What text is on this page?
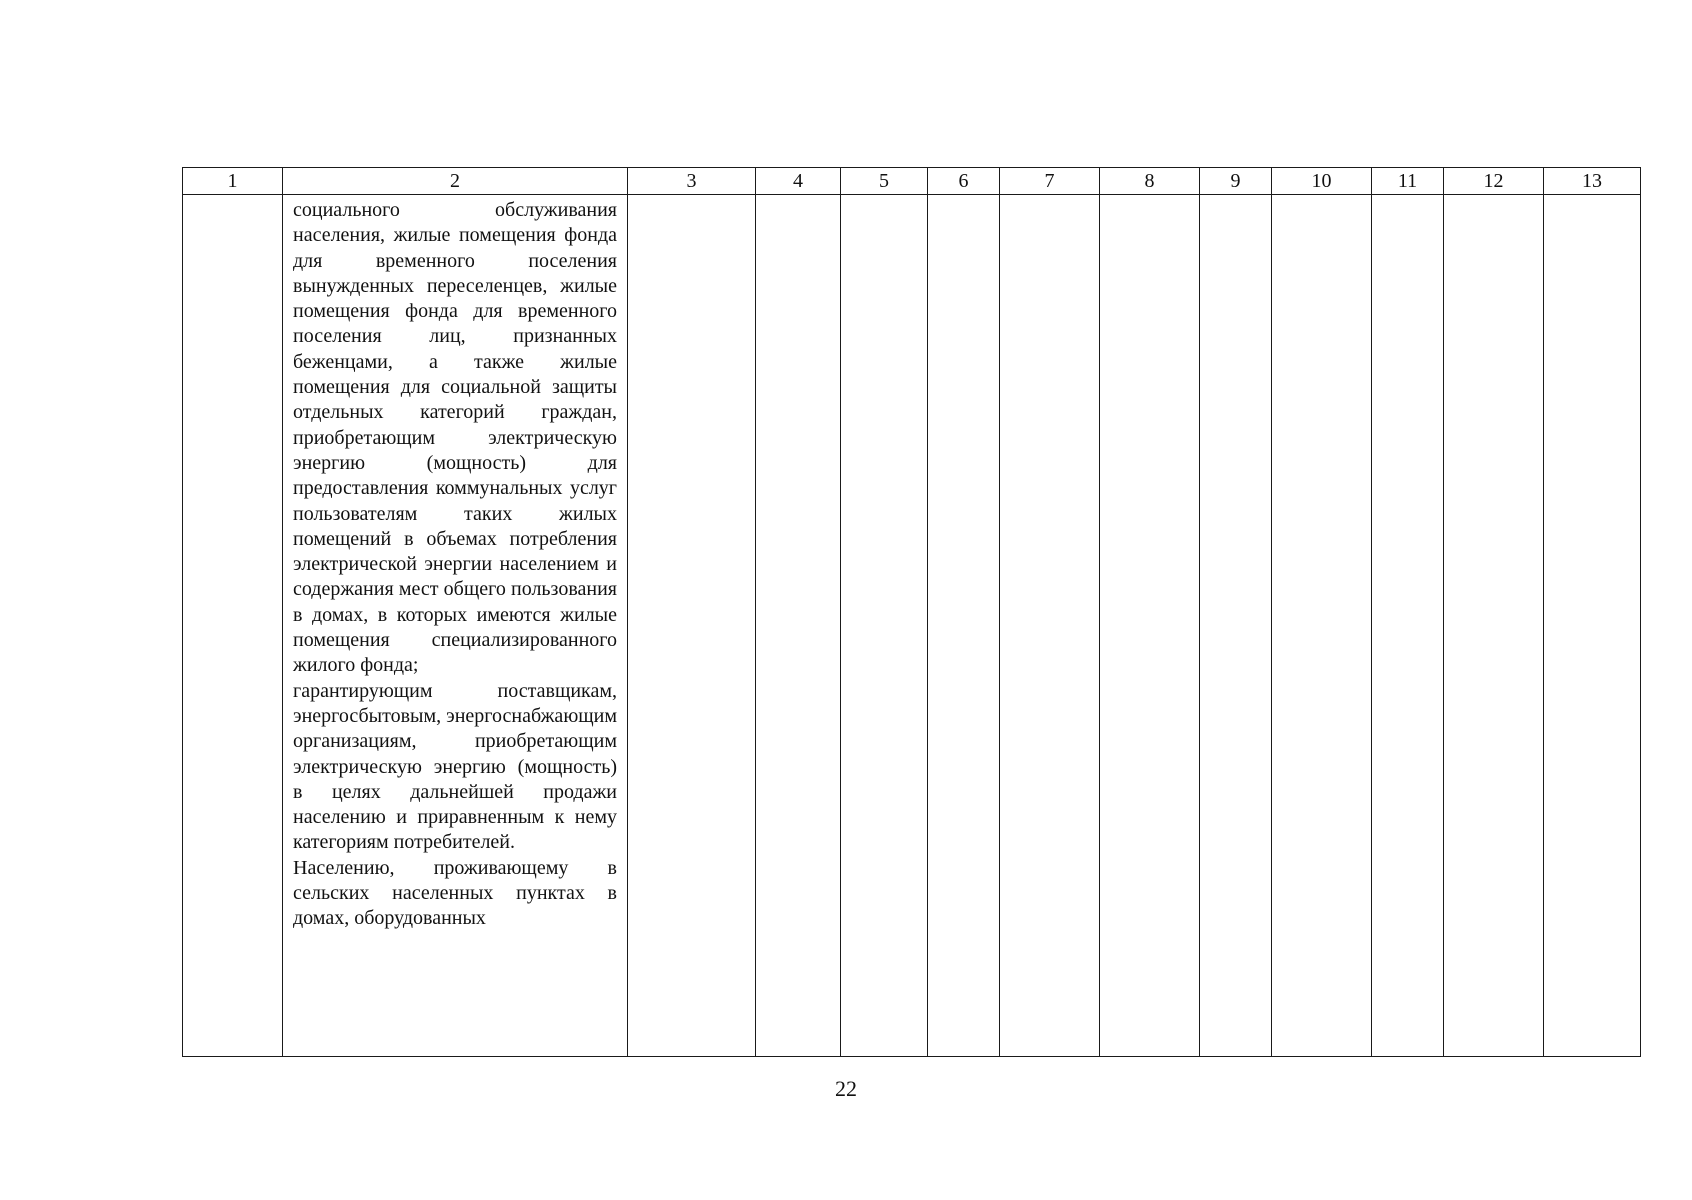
1	2	3	4	5	6	7	8	9	10	11	12	13

	социального обслуживания населения, жилые помещения фонда для временного поселения вынужденных переселенцев, жилые помещения фонда для временного поселения лиц, признанных беженцами, а также жилые помещения для социальной защиты отдельных категорий граждан, приобретающим электрическую энергию (мощность) для предоставления коммунальных услуг пользователям таких жилых помещений в объемах потребления электрической энергии населением и содержания мест общего пользования в домах, в которых имеются жилые помещения специализированного жилого фонда;

гарантирующим поставщикам, энергосбытовым, энергоснабжающим организациям, приобретающим электрическую энергию (мощность) в целях дальнейшей продажи населению и приравненным к нему категориям потребителей.

Населению, проживающему в сельских населенных пунктах в домах, оборудованных											

22
